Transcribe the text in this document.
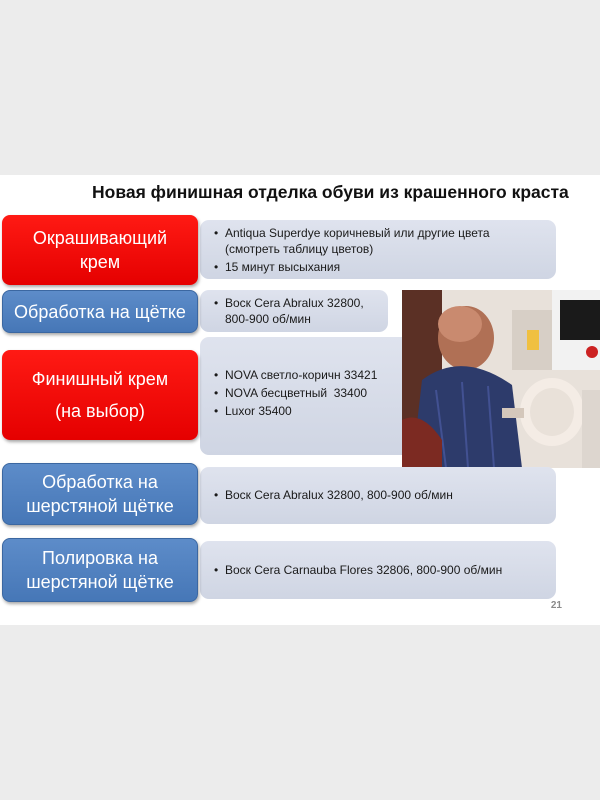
Новая финишная отделка обуви из крашенного краста
• Antiqua Superdye коричневый или другие цвета (смотреть таблицу цветов)
• 15 минут высыхания
Окрашивающий
крем
• Воск Cera Abralux 32800, 800-900 об/мин
Обработка на щётке
• NOVA светло-коричн 33421
• NOVA бесцветный  33400
• Luxor 35400
Финишный крем
(на выбор)
• Воск Cera Abralux 32800, 800-900 об/мин
Обработка на
шерстяной щётке
• Воск Cera Carnauba Flores 32806, 800-900 об/мин
Полировка на
шерстяной щётке
21
